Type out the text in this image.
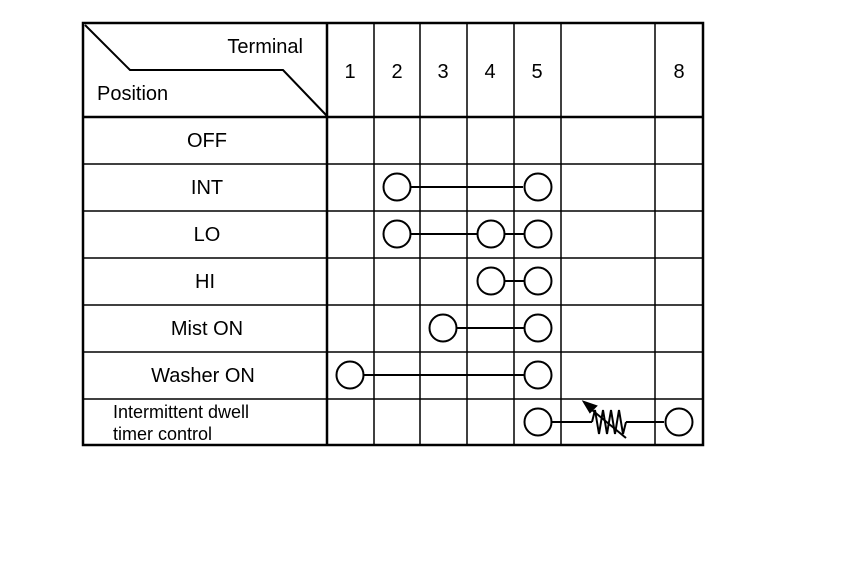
Terminal
Position
1 2 3 4 5	8
OFF
INT
LO
HI
Mist ON
Washer ON
Intermittent dwell
timer control
